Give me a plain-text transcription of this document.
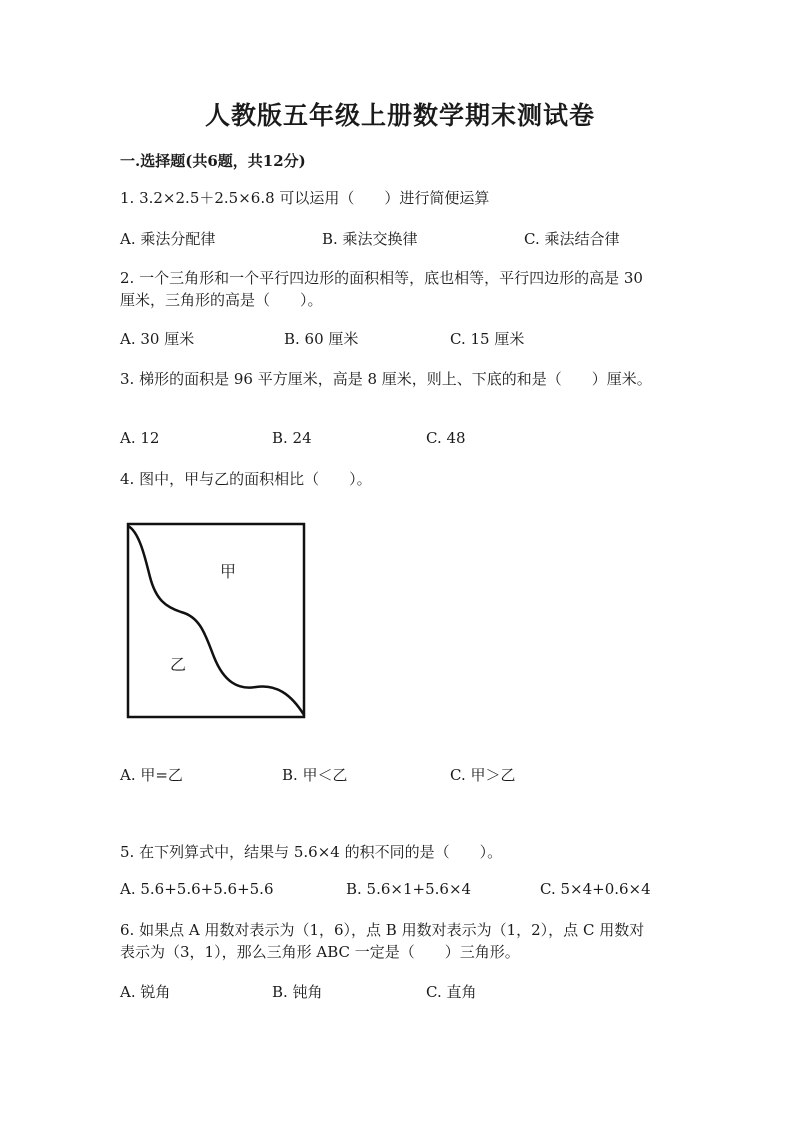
人教版五年级上册数学期末测试卷
一.选择题(共6题，共12分)
1. 3.2×2.5＋2.5×6.8 可以运用（　　）进行简便运算
A. 乘法分配律	B. 乘法交换律	C. 乘法结合律
2. 一个三角形和一个平行四边形的面积相等，底也相等，平行四边形的高是 30
厘米，三角形的高是（　　）。
A. 30 厘米	B. 60 厘米	C. 15 厘米
3. 梯形的面积是 96 平方厘米，高是 8 厘米，则上、下底的和是（　　）厘米。
A. 12	B. 24	C. 48
4. 图中，甲与乙的面积相比（　　）。
甲
乙
A. 甲=乙	B. 甲＜乙	C. 甲＞乙
5. 在下列算式中，结果与 5.6×4 的积不同的是（　　）。
A. 5.6+5.6+5.6+5.6	B. 5.6×1+5.6×4	C. 5×4+0.6×4
6. 如果点 A 用数对表示为（1，6），点 B 用数对表示为（1，2），点 C 用数对
表示为（3，1），那么三角形 ABC 一定是（　　）三角形。
A. 锐角	B. 钝角	C. 直角
